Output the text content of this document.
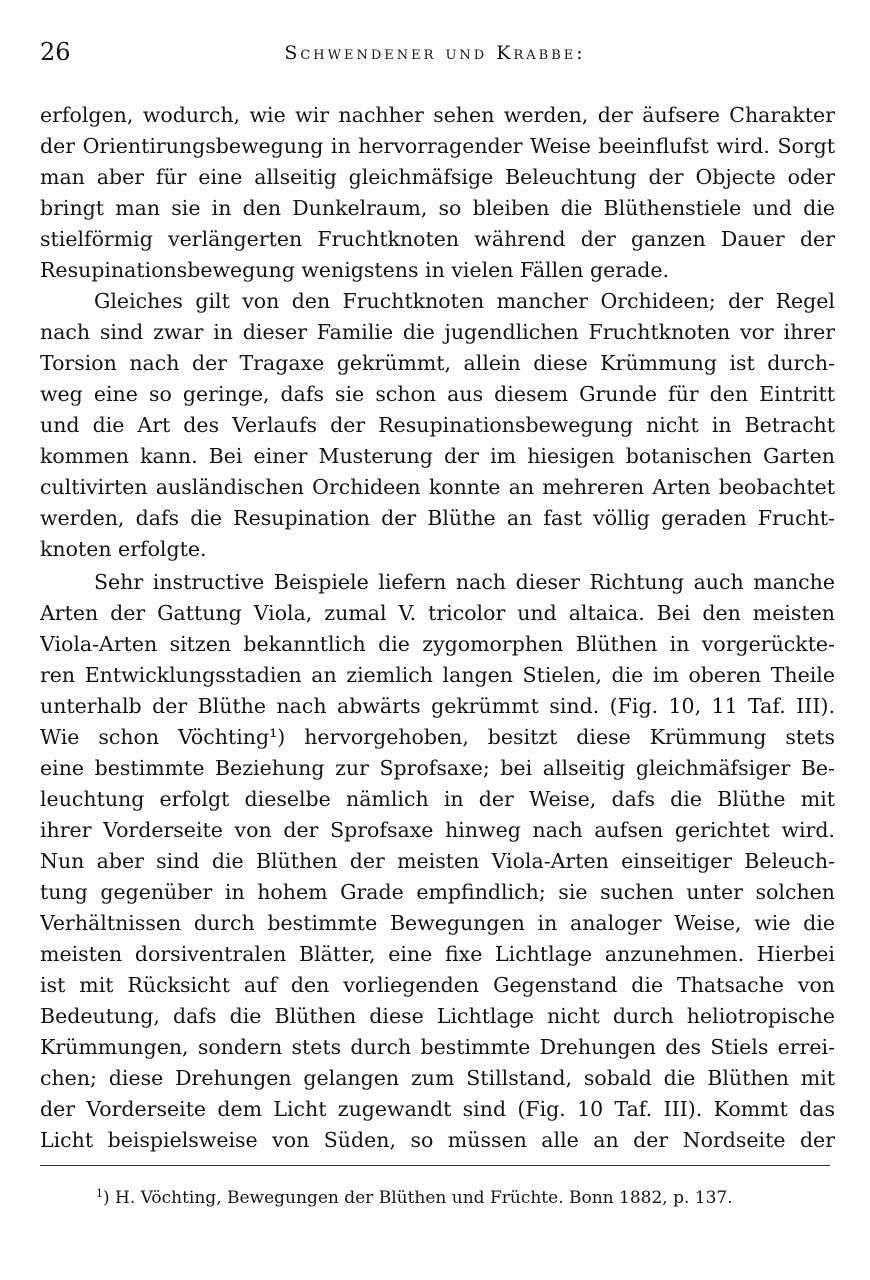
26	Schwendener und Krabbe:
erfolgen, wodurch, wie wir nachher sehen werden, der äufsere Charakter
der Orientirungsbewegung in hervorragender Weise beeinflufst wird. Sorgt
man aber für eine allseitig gleichmäfsige Beleuchtung der Objecte oder
bringt man sie in den Dunkelraum, so bleiben die Blüthenstiele und die
stielförmig verlängerten Fruchtknoten während der ganzen Dauer der
Resupinationsbewegung wenigstens in vielen Fällen gerade.
Gleiches gilt von den Fruchtknoten mancher Orchideen; der Regel
nach sind zwar in dieser Familie die jugendlichen Fruchtknoten vor ihrer
Torsion nach der Tragaxe gekrümmt, allein diese Krümmung ist durch-
weg eine so geringe, dafs sie schon aus diesem Grunde für den Eintritt
und die Art des Verlaufs der Resupinationsbewegung nicht in Betracht
kommen kann. Bei einer Musterung der im hiesigen botanischen Garten
cultivirten ausländischen Orchideen konnte an mehreren Arten beobachtet
werden, dafs die Resupination der Blüthe an fast völlig geraden Frucht-
knoten erfolgte.
Sehr instructive Beispiele liefern nach dieser Richtung auch manche
Arten der Gattung Viola, zumal V. tricolor und altaica. Bei den meisten
Viola-Arten sitzen bekanntlich die zygomorphen Blüthen in vorgerückte-
ren Entwicklungsstadien an ziemlich langen Stielen, die im oberen Theile
unterhalb der Blüthe nach abwärts gekrümmt sind. (Fig. 10, 11 Taf. III).
Wie schon Vöchting¹) hervorgehoben, besitzt diese Krümmung stets
eine bestimmte Beziehung zur Sprofsaxe; bei allseitig gleichmäfsiger Be-
leuchtung erfolgt dieselbe nämlich in der Weise, dafs die Blüthe mit
ihrer Vorderseite von der Sprofsaxe hinweg nach aufsen gerichtet wird.
Nun aber sind die Blüthen der meisten Viola-Arten einseitiger Beleuch-
tung gegenüber in hohem Grade empfindlich; sie suchen unter solchen
Verhältnissen durch bestimmte Bewegungen in analoger Weise, wie die
meisten dorsiventralen Blätter, eine fixe Lichtlage anzunehmen. Hierbei
ist mit Rücksicht auf den vorliegenden Gegenstand die Thatsache von
Bedeutung, dafs die Blüthen diese Lichtlage nicht durch heliotropische
Krümmungen, sondern stets durch bestimmte Drehungen des Stiels errei-
chen; diese Drehungen gelangen zum Stillstand, sobald die Blüthen mit
der Vorderseite dem Licht zugewandt sind (Fig. 10 Taf. III). Kommt das
Licht beispielsweise von Süden, so müssen alle an der Nordseite der
$^1$) H. Vöchting, Bewegungen der Blüthen und Früchte. Bonn 1882, p. 137.
